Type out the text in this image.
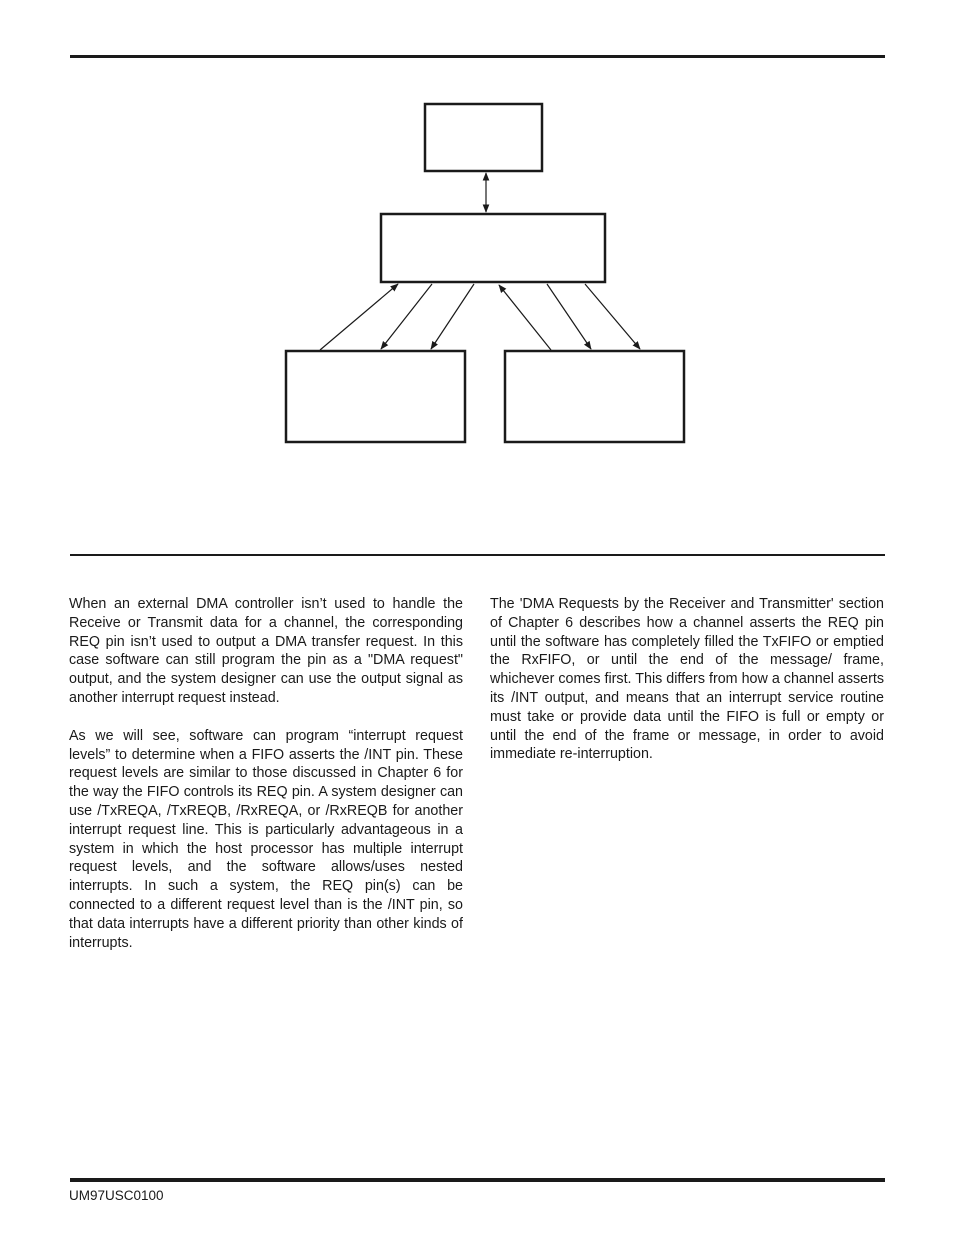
When an external DMA controller isn’t used to handle the Receive or Transmit data for a channel, the corresponding REQ pin isn’t used to output a DMA transfer request. In this case software can still program the pin as a "DMA request" output, and the system designer can use the output signal as another interrupt request instead.

As we will see, software can program “interrupt request levels” to determine when a FIFO asserts the /INT pin. These request levels are similar to those discussed in Chapter 6 for the way the FIFO controls its REQ pin. A system designer can use /TxREQA, /TxREQB, /RxREQA, or /RxREQB for another interrupt request line. This is particularly advantageous in a system in which the host processor has multiple interrupt request levels, and the software allows/uses nested interrupts. In such a system, the REQ pin(s) can be connected to a different request level than is the /INT pin, so that data interrupts have a different priority than other kinds of interrupts.

The 'DMA Requests by the Receiver and Transmitter' section of Chapter 6 describes how a channel asserts the REQ pin until the software has completely filled the TxFIFO or emptied the RxFIFO, or until the end of the message/ frame, whichever comes first. This differs from how a channel asserts its /INT output, and means that an interrupt service routine must take or provide data until the FIFO is full or empty or until the end of the frame or message, in order to avoid immediate re-interruption.

UM97USC0100
